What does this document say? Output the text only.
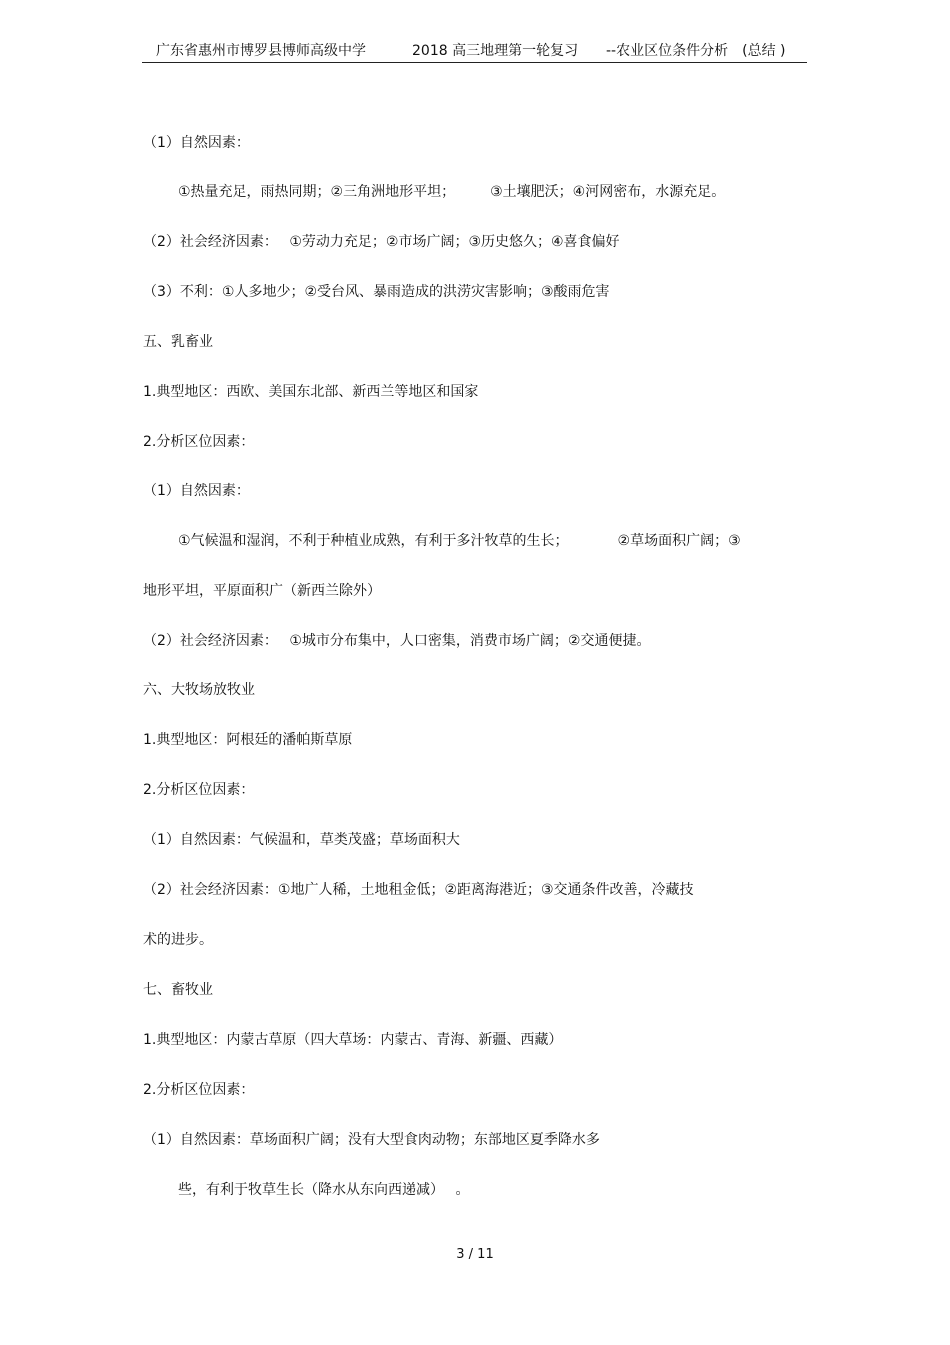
广东省惠州市博罗县博师高级中学	2018 高三地理第一轮复习 --农业区位条件分析　(总结 )
（1）自然因素：
①热量充足，雨热同期；②三角洲地形平坦；　　　③土壤肥沃；④河网密布，水源充足。
（2）社会经济因素：　 ①劳动力充足；②市场广阔；③历史悠久；④喜食偏好
（3）不利：①人多地少；②受台风、暴雨造成的洪涝灾害影响；③酸雨危害
五、乳畜业
1.典型地区：西欧、美国东北部、新西兰等地区和国家
2.分析区位因素：
（1）自然因素：
①气候温和湿润，不利于种植业成熟，有利于多汁牧草的生长；　　　　②草场面积广阔；③
地形平坦，平原面积广（新西兰除外）
（2）社会经济因素：　 ①城市分布集中，人口密集，消费市场广阔；②交通便捷。
六、大牧场放牧业
1.典型地区：阿根廷的潘帕斯草原
2.分析区位因素：
（1）自然因素：气候温和，草类茂盛；草场面积大
（2）社会经济因素：①地广人稀，土地租金低；②距离海港近；③交通条件改善，冷藏技
术的进步。
七、畜牧业
1.典型地区：内蒙古草原（四大草场：内蒙古、青海、新疆、西藏）
2.分析区位因素：
（1）自然因素：草场面积广阔；没有大型食肉动物；东部地区夏季降水多
些，有利于牧草生长（降水从东向西递减）　 。
3 / 11
